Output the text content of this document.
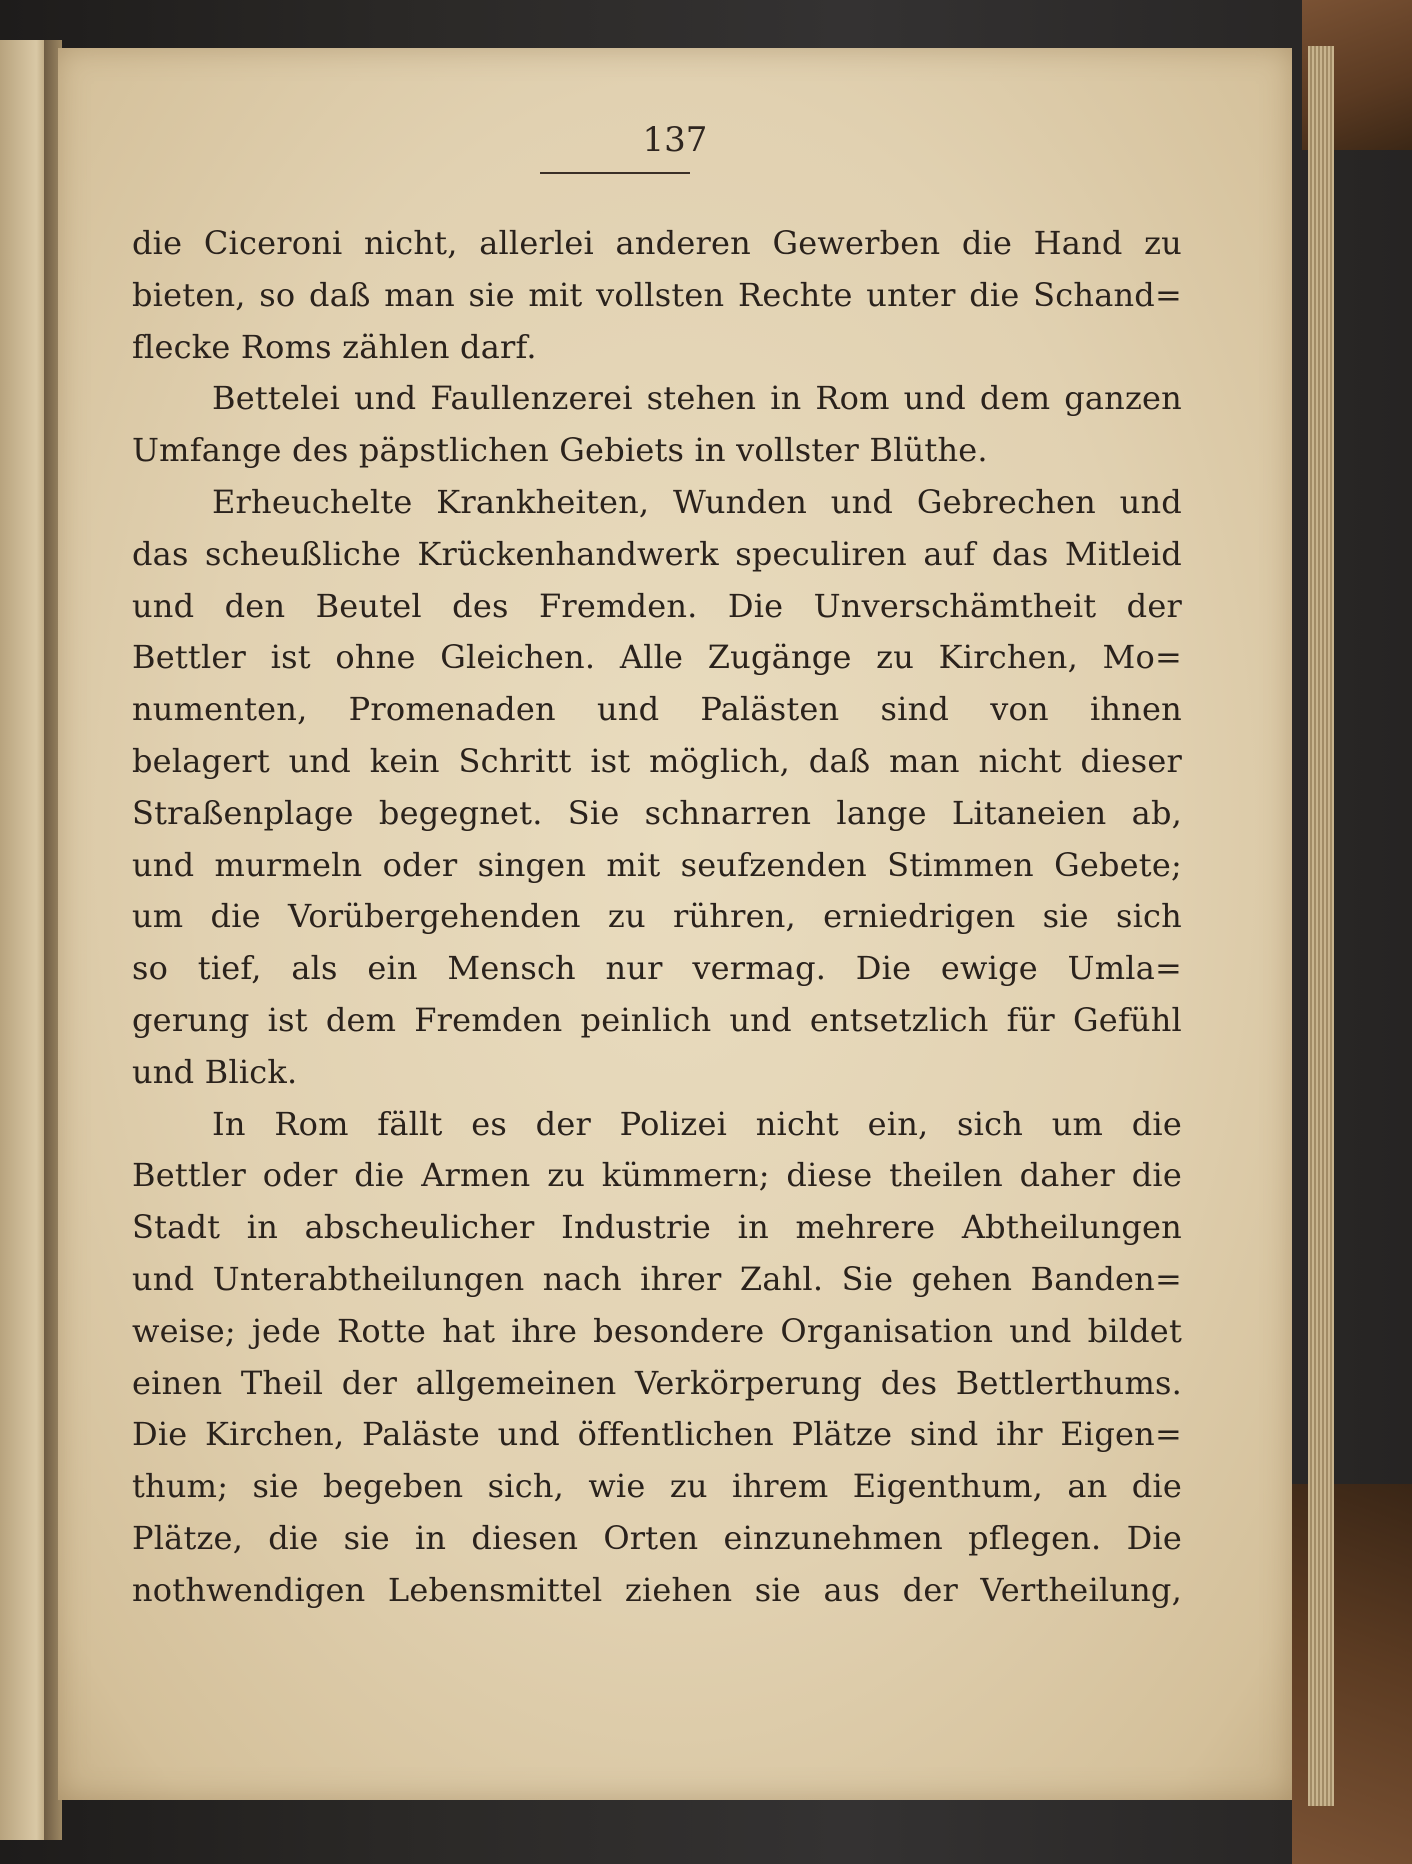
137

die Ciceroni nicht, allerlei anderen Gewerben die Hand zu
bieten, so daß man sie mit vollsten Rechte unter die Schand=
flecke Roms zählen darf.
Bettelei und Faullenzerei stehen in Rom und dem ganzen
Umfange des päpstlichen Gebiets in vollster Blüthe.
Erheuchelte Krankheiten, Wunden und Gebrechen und
das scheußliche Krückenhandwerk speculiren auf das Mitleid
und den Beutel des Fremden. Die Unverschämtheit der
Bettler ist ohne Gleichen. Alle Zugänge zu Kirchen, Mo=
numenten, Promenaden und Palästen sind von ihnen
belagert und kein Schritt ist möglich, daß man nicht dieser
Straßenplage begegnet. Sie schnarren lange Litaneien ab,
und murmeln oder singen mit seufzenden Stimmen Gebete;
um die Vorübergehenden zu rühren, erniedrigen sie sich
so tief, als ein Mensch nur vermag. Die ewige Umla=
gerung ist dem Fremden peinlich und entsetzlich für Gefühl
und Blick.
In Rom fällt es der Polizei nicht ein, sich um die
Bettler oder die Armen zu kümmern; diese theilen daher die
Stadt in abscheulicher Industrie in mehrere Abtheilungen
und Unterabtheilungen nach ihrer Zahl. Sie gehen Banden=
weise; jede Rotte hat ihre besondere Organisation und bildet
einen Theil der allgemeinen Verkörperung des Bettlerthums.
Die Kirchen, Paläste und öffentlichen Plätze sind ihr Eigen=
thum; sie begeben sich, wie zu ihrem Eigenthum, an die
Plätze, die sie in diesen Orten einzunehmen pflegen. Die
nothwendigen Lebensmittel ziehen sie aus der Vertheilung,
